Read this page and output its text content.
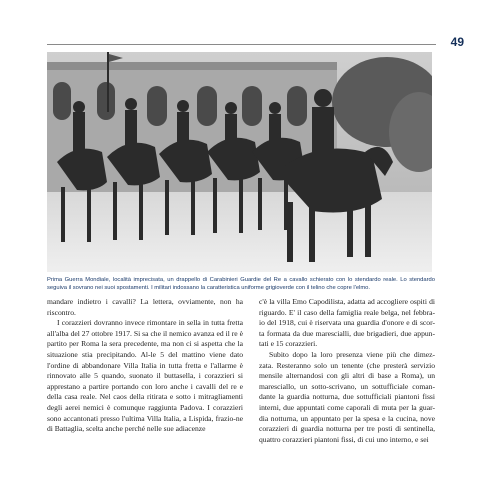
49
Prima Guerra Mondiale, località imprecisata, un drappello di Carabinieri Guardie del Re a cavallo schierato con lo stendardo reale. Lo stendardo seguiva il sovrano nei suoi spostamenti. I militari indossano la caratteristica uniforme grigioverde con il telino che copre l'elmo.

mandare indietro i cavalli? La lettera, ovviamente, non ha riscontro.

I corazzieri dovranno invece rimontare in sella in tutta fretta all'alba del 27 ottobre 1917. Si sa che il nemico avanza ed il re è partito per Roma la sera precedente, ma non ci si aspetta che la situazione stia precipitando. Al-le 5 del mattino viene dato l'ordine di abbandonare Villa Italia in tutta fretta e l'allarme è rinnovato alle 5 quando, suonato il buttasella, i corazzieri si apprestano a partire portando con loro anche i cavalli del re e della casa reale. Nel caos della ritirata e sotto i mitragliamenti degli aerei nemici è comunque raggiunta Padova. I corazzieri sono accantonati presso l'ultima Villa Italia, a Lispida, frazio-ne di Battaglia, scelta anche perché nelle sue adiacenze

c'è la villa Emo Capodilista, adatta ad accogliere ospiti di riguardo. E' il caso della famiglia reale belga, nel febbra-io del 1918, cui è riservata una guardia d'onore e di scor-ta formata da due marescialli, due brigadieri, due appun-tati e 15 corazzieri.

Subito dopo la loro presenza viene più che dimez-zata. Resteranno solo un tenente (che presterà servizio mensile alternandosi con gli altri di base a Roma), un maresciallo, un sotto-scrivano, un sottufficiale coman-dante la guardia notturna, due sottufficiali piantoni fissi interni, due appuntati come caporali di muta per la guar-dia notturna, un appuntato per la spesa e la cucina, nove corazzieri di guardia notturna per tre posti di sentinella, quattro corazzieri piantoni fissi, di cui uno interno, e sei
